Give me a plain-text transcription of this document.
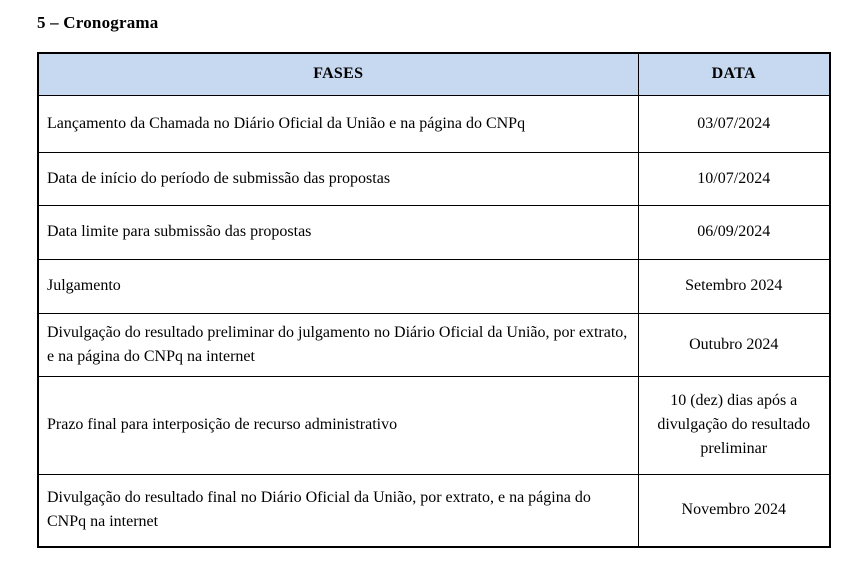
5 – Cronograma
FASES	DATA
Lançamento da Chamada no Diário Oficial da União e na página do CNPq	03/07/2024
Data de início do período de submissão das propostas	10/07/2024
Data limite para submissão das propostas	06/09/2024
Julgamento	Setembro 2024
Divulgação do resultado preliminar do julgamento no Diário Oficial da União, por extrato, e na página do CNPq na internet	Outubro 2024
Prazo final para interposição de recurso administrativo	10 (dez) dias após a divulgação do resultado preliminar
Divulgação do resultado final no Diário Oficial da União, por extrato, e na página do CNPq na internet	Novembro 2024
